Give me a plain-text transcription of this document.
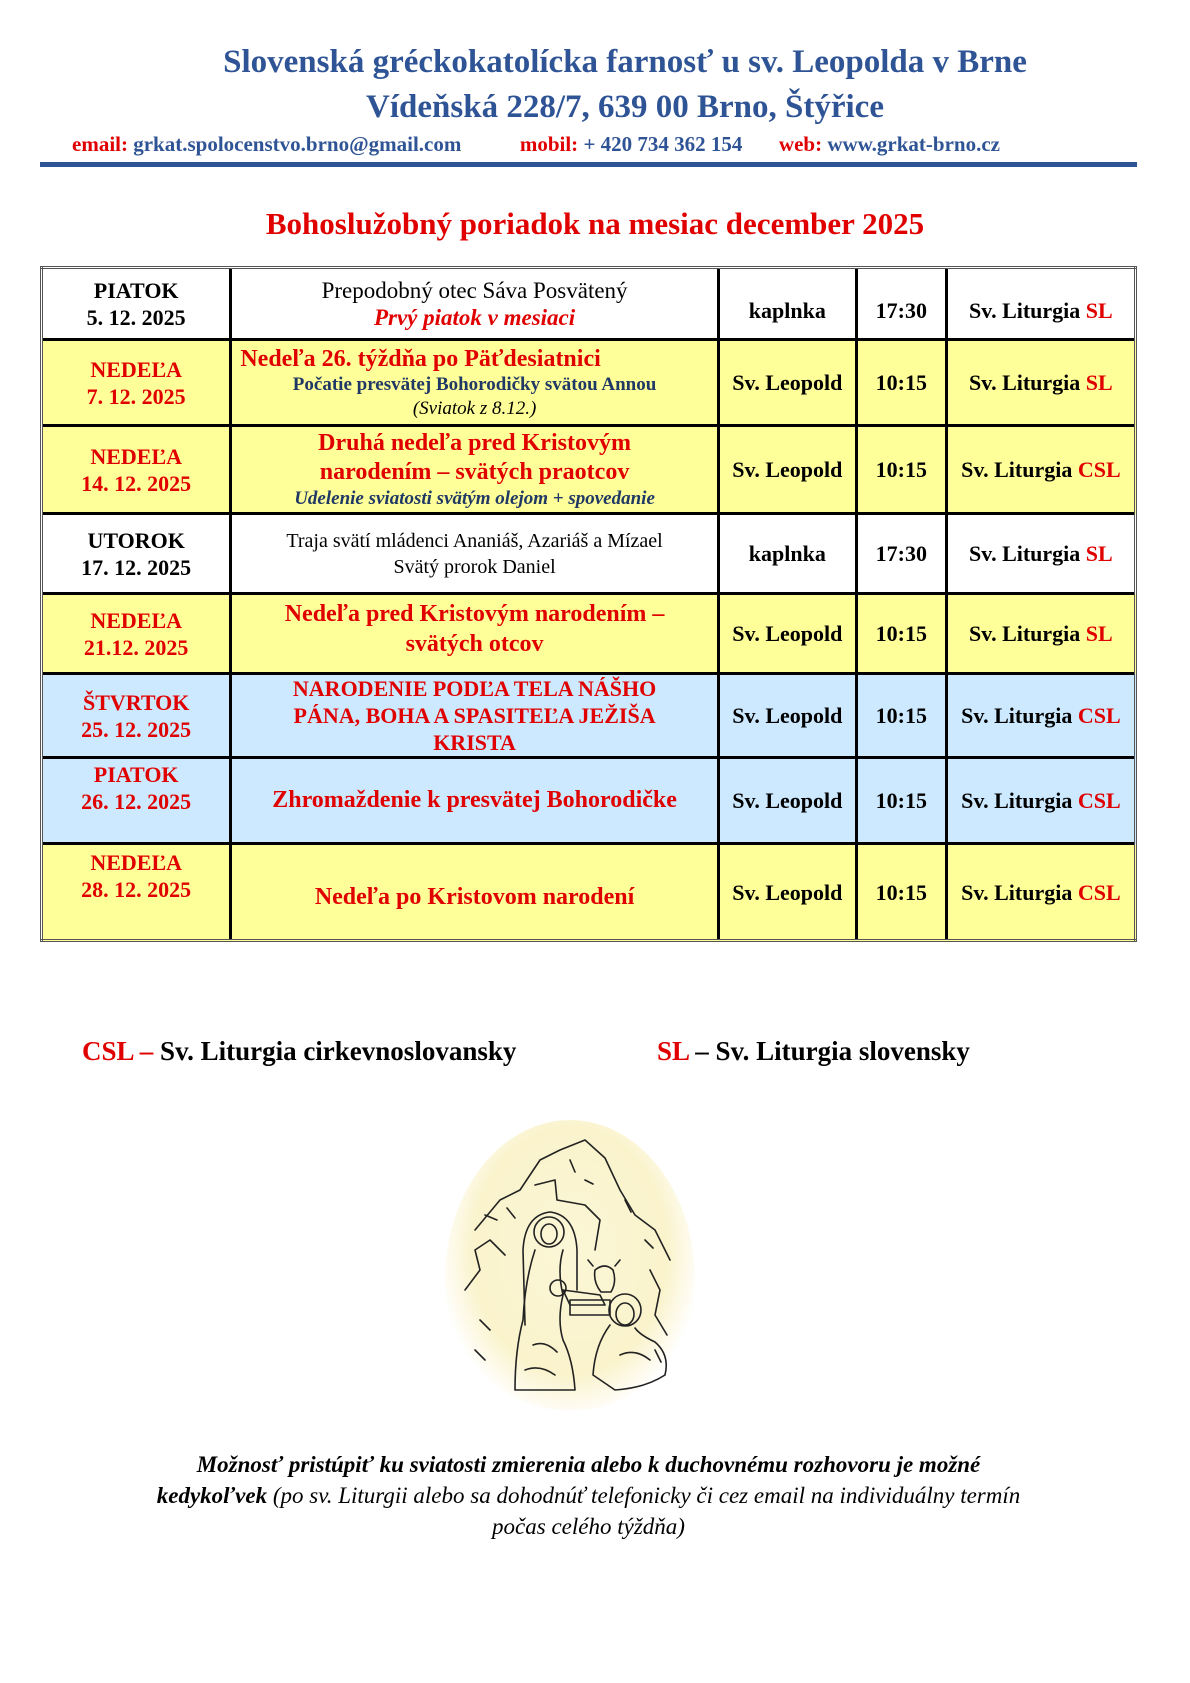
Slovenská gréckokatolícka farnosť u sv. Leopolda v Brne
Vídeňská 228/7, 639 00 Brno, Štýřice
email: grkat.spolocenstvo.brno@gmail.com	mobil: + 420 734 362 154 web: www.grkat-brno.cz
Bohoslužobný poriadok na mesiac december 2025
PIATOK
5. 12. 2025	Prepodobný otec Sáva Posvätený
Prvý piatok v mesiaci	kaplnka	17:30	Sv. Liturgia SL

NEDEĽA
7. 12. 2025	Nedeľa 26. týždňa po Päťdesiatnici
Počatie presvätej Bohorodičky svätou Annou
(Sviatok z 8.12.)	Sv. Leopold	10:15	Sv. Liturgia SL

NEDEĽA
14. 12. 2025	Druhá nedeľa pred Kristovým
narodením – svätých praotcov
Udelenie sviatosti svätým olejom + spovedanie	Sv. Leopold	10:15	Sv. Liturgia CSL

UTOROK
17. 12. 2025	Traja svätí mládenci Ananiáš, Azariáš a Mízael
Svätý prorok Daniel	kaplnka	17:30	Sv. Liturgia SL

NEDEĽA
21.12. 2025	Nedeľa pred Kristovým narodením –
svätých otcov	Sv. Leopold	10:15	Sv. Liturgia SL

ŠTVRTOK
25. 12. 2025	NARODENIE PODĽA TELA NÁŠHO
PÁNA, BOHA A SPASITEĽA JEŽIŠA
KRISTA	Sv. Leopold	10:15	Sv. Liturgia CSL

PIATOK
26. 12. 2025	Zhromaždenie k presvätej Bohorodičke	Sv. Leopold	10:15	Sv. Liturgia CSL

NEDEĽA
28. 12. 2025	Nedeľa po Kristovom narodení	Sv. Leopold	10:15	Sv. Liturgia CSL
CSL – Sv. Liturgia cirkevnoslovansky	SL – Sv. Liturgia slovensky
Možnosť pristúpiť ku sviatosti zmierenia alebo k duchovnému rozhovoru je možné
kedykoľvek (po sv. Liturgii alebo sa dohodnúť telefonicky či cez email na individuálny termín
počas celého týždňa)
